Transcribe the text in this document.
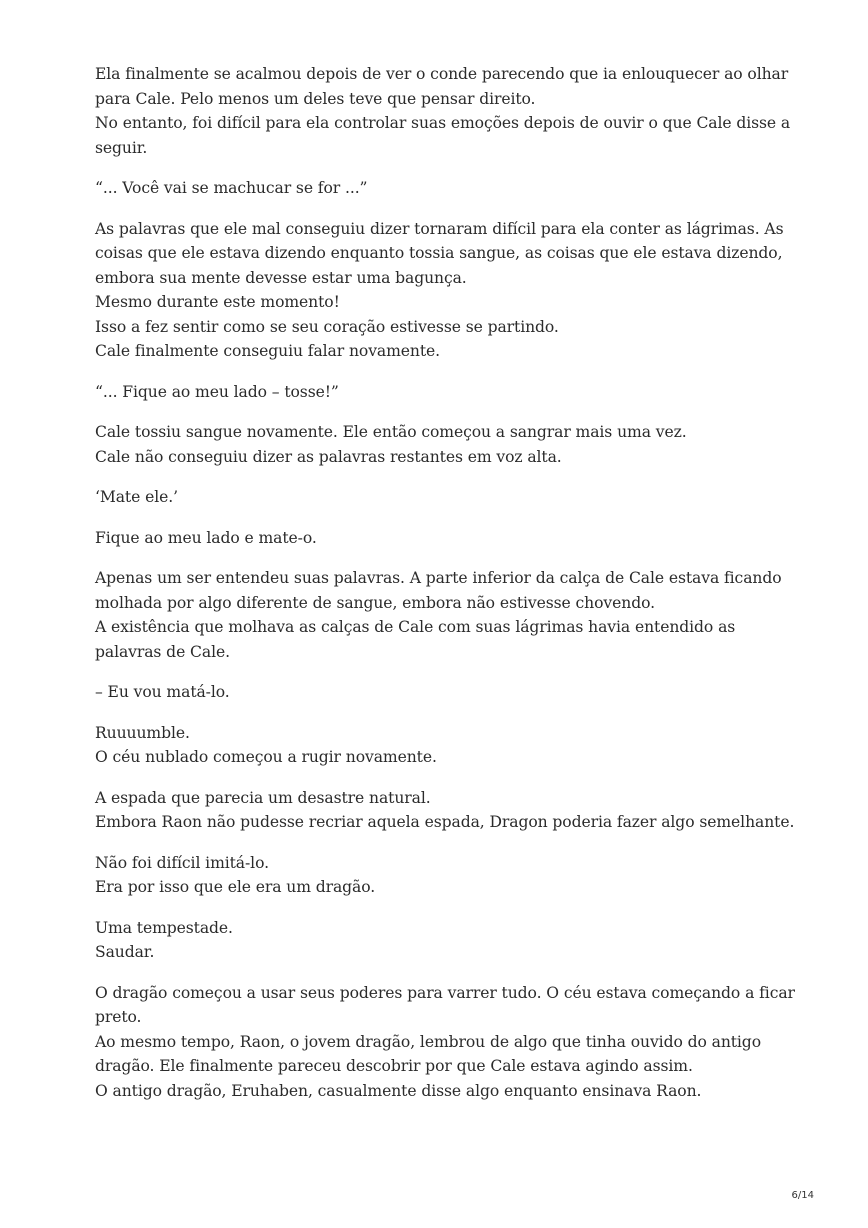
Ela finalmente se acalmou depois de ver o conde parecendo que ia enlouquecer ao olhar
para Cale. Pelo menos um deles teve que pensar direito.
No entanto, foi difícil para ela controlar suas emoções depois de ouvir o que Cale disse a
seguir.
“... Você vai se machucar se for ...”
As palavras que ele mal conseguiu dizer tornaram difícil para ela conter as lágrimas. As
coisas que ele estava dizendo enquanto tossia sangue, as coisas que ele estava dizendo,
embora sua mente devesse estar uma bagunça.
Mesmo durante este momento!
Isso a fez sentir como se seu coração estivesse se partindo.
Cale finalmente conseguiu falar novamente.
“... Fique ao meu lado – tosse!”
Cale tossiu sangue novamente. Ele então começou a sangrar mais uma vez.
Cale não conseguiu dizer as palavras restantes em voz alta.
‘Mate ele.’
Fique ao meu lado e mate-o.
Apenas um ser entendeu suas palavras. A parte inferior da calça de Cale estava ficando
molhada por algo diferente de sangue, embora não estivesse chovendo.
A existência que molhava as calças de Cale com suas lágrimas havia entendido as
palavras de Cale.
– Eu vou matá-lo.
Ruuuumble.
O céu nublado começou a rugir novamente.
A espada que parecia um desastre natural.
Embora Raon não pudesse recriar aquela espada, Dragon poderia fazer algo semelhante.
Não foi difícil imitá-lo.
Era por isso que ele era um dragão.
Uma tempestade.
Saudar.
O dragão começou a usar seus poderes para varrer tudo. O céu estava começando a ficar
preto.
Ao mesmo tempo, Raon, o jovem dragão, lembrou de algo que tinha ouvido do antigo
dragão. Ele finalmente pareceu descobrir por que Cale estava agindo assim.
O antigo dragão, Eruhaben, casualmente disse algo enquanto ensinava Raon.
6/14
